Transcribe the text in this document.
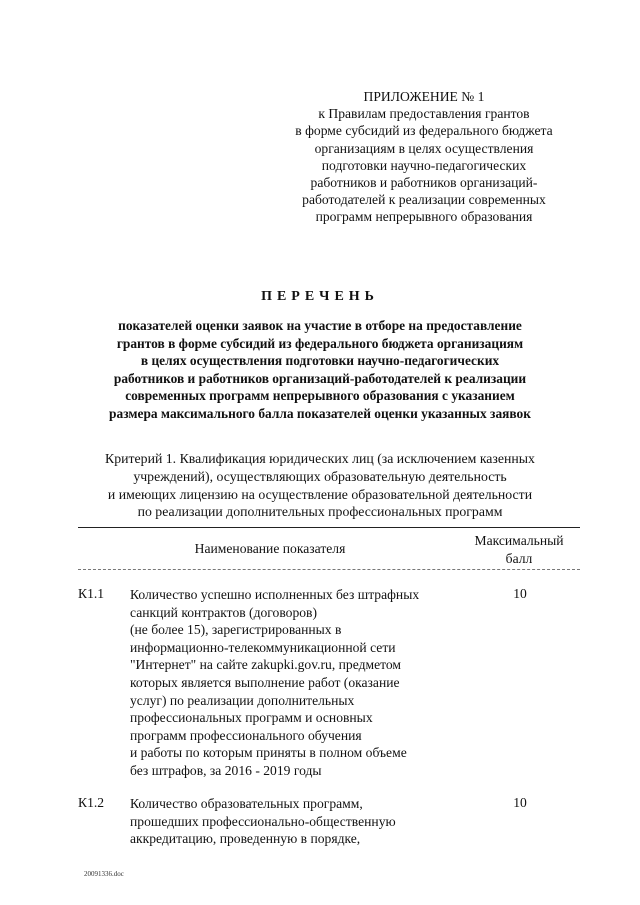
ПРИЛОЖЕНИЕ № 1
к Правилам предоставления грантов
в форме субсидий из федерального бюджета
организациям в целях осуществления
подготовки научно-педагогических
работников и работников организаций-
работодателей к реализации современных
программ непрерывного образования
ПЕРЕЧЕНЬ
показателей оценки заявок на участие в отборе на предоставление
грантов в форме субсидий из федерального бюджета организациям
в целях осуществления подготовки научно-педагогических
работников и работников организаций-работодателей к реализации
современных программ непрерывного образования с указанием
размера максимального балла показателей оценки указанных заявок
Критерий 1. Квалификация юридических лиц (за исключением казенных
учреждений), осуществляющих образовательную деятельность
и имеющих лицензию на осуществление образовательной деятельности
по реализации дополнительных профессиональных программ
Наименование показателя
Максимальный
балл
К1.1 Количество успешно исполненных без штрафных
санкций контрактов (договоров)
(не более 15), зарегистрированных в
информационно-телекоммуникационной сети
"Интернет" на сайте zakupki.gov.ru, предметом
которых является выполнение работ (оказание
услуг) по реализации дополнительных
профессиональных программ и основных
программ профессионального обучения
и работы по которым приняты в полном объеме
без штрафов, за 2016 - 2019 годы
10
К1.2 Количество образовательных программ,
прошедших профессионально-общественную
аккредитацию, проведенную в порядке,
10
20091336.doc
